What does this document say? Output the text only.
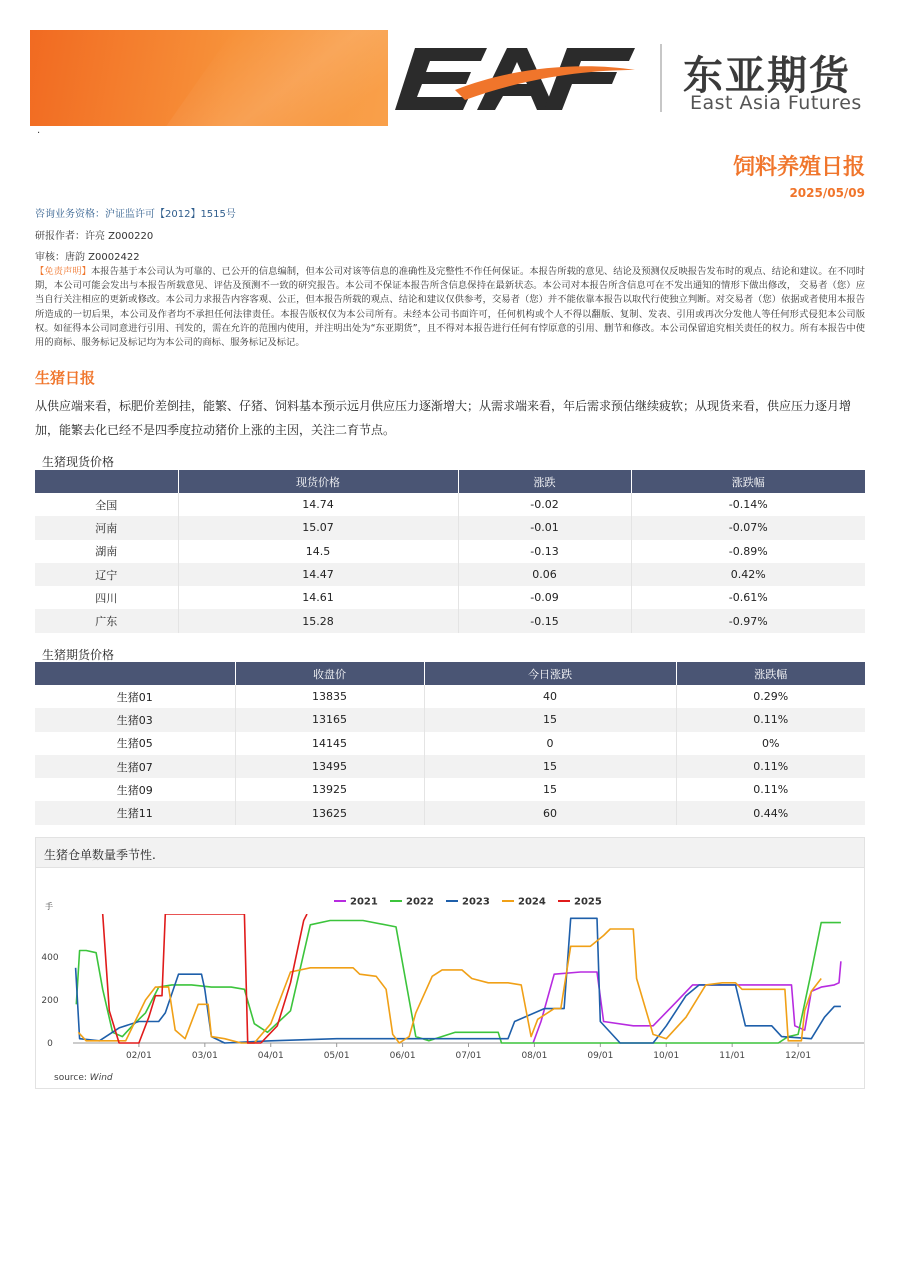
东亚期货
East Asia Futures
·
饲料养殖日报
2025/05/09
咨询业务资格：沪证监许可【2012】1515号
研报作者：许亮 Z000220
审核：唐韵 Z0002422
【免责声明】本报告基于本公司认为可靠的、已公开的信息编制，但本公司对该等信息的准确性及完整性不作任何保证。本报告所载的意见、结论及预测仅反映报告发布时的观点、结论和建议。在不同时期，本公司可能会发出与本报告所载意见、评估及预测不一致的研究报告。本公司不保证本报告所含信息保持在最新状态。本公司对本报告所含信息可在不发出通知的情形下做出修改， 交易者（您）应当自行关注相应的更新或修改。本公司力求报告内容客观、公正，但本报告所载的观点、结论和建议仅供参考，交易者（您）并不能依靠本报告以取代行使独立判断。对交易者（您）依据或者使用本报告所造成的一切后果，本公司及作者均不承担任何法律责任。本报告版权仅为本公司所有。未经本公司书面许可，任何机构或个人不得以翻版、复制、发表、引用或再次分发他人等任何形式侵犯本公司版权。如征得本公司同意进行引用、刊发的，需在允许的范围内使用，并注明出处为“东亚期货”，且不得对本报告进行任何有悖原意的引用、删节和修改。本公司保留追究相关责任的权力。所有本报告中使用的商标、服务标记及标记均为本公司的商标、服务标记及标记。
生猪日报
从供应端来看，标肥价差倒挂，能繁、仔猪、饲料基本预示远月供应压力逐渐增大；从需求端来看，年后需求预估继续疲软；从现货来看，供应压力逐月增加，能繁去化已经不是四季度拉动猪价上涨的主因，关注二育节点。
生猪现货价格
	现货价格	涨跌	涨跌幅
全国	14.74	-0.02	-0.14%
河南	15.07	-0.01	-0.07%
湖南	14.5	-0.13	-0.89%
辽宁	14.47	0.06	0.42%
四川	14.61	-0.09	-0.61%
广东	15.28	-0.15	-0.97%
生猪期货价格
	收盘价	今日涨跌	涨跌幅
生猪01	13835	40	0.29%
生猪03	13165	15	0.11%
生猪05	14145	0	0%
生猪07	13495	15	0.11%
生猪09	13925	15	0.11%
生猪11	13625	60	0.44%
生猪仓单数量季节性.
手
0
200
400
02/01	03/01	04/01	05/01	06/01	07/01	08/01	09/01	10/01	11/01	12/01
2021	2022	2023	2024	2025
source: Wind
